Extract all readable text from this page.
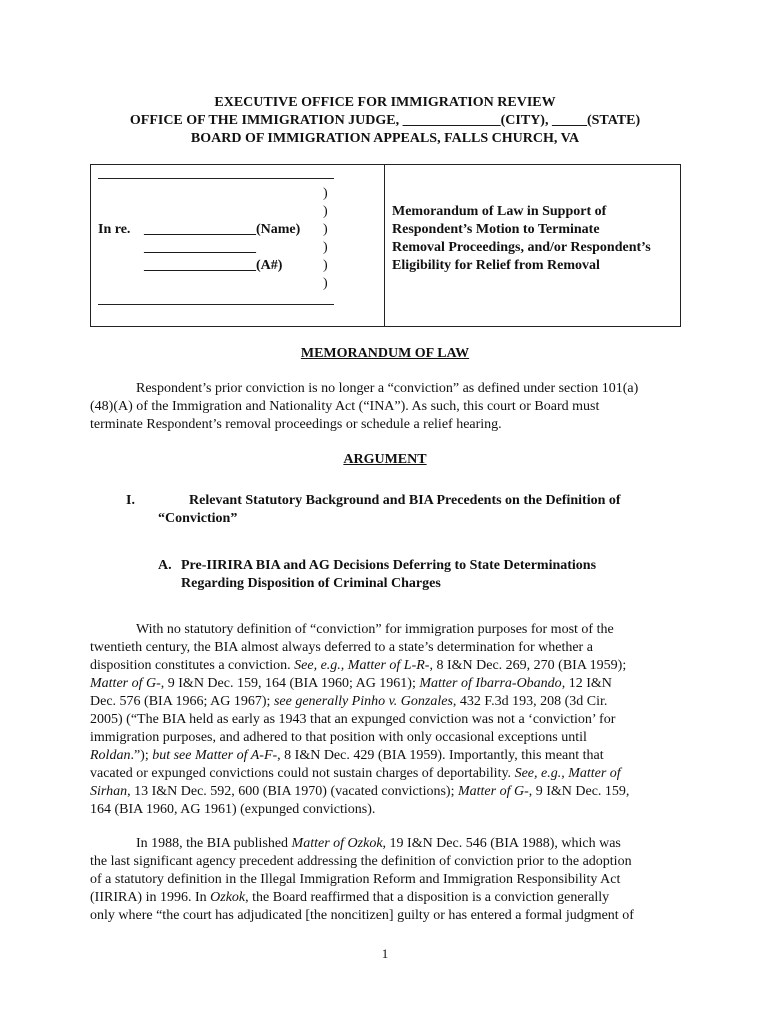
EXECUTIVE OFFICE FOR IMMIGRATION REVIEW
OFFICE OF THE IMMIGRATION JUDGE, ______________(CITY), _____(STATE)
BOARD OF IMMIGRATION APPEALS, FALLS CHURCH, VA
)
)
)
)
)
)
In re. ________________(Name)
________________
________________(A#)
Memorandum of Law in Support of
Respondent’s Motion to Terminate
Removal Proceedings, and/or Respondent’s
Eligibility for Relief from Removal
MEMORANDUM OF LAW
Respondent’s prior conviction is no longer a “conviction” as defined under section 101(a)
(48)(A) of the Immigration and Nationality Act (“INA”). As such, this court or Board must
terminate Respondent’s removal proceedings or schedule a relief hearing.
ARGUMENT
I.	Relevant Statutory Background and BIA Precedents on the Definition of
“Conviction”
A. Pre-IIRIRA BIA and AG Decisions Deferring to State Determinations
Regarding Disposition of Criminal Charges
With no statutory definition of “conviction” for immigration purposes for most of the
twentieth century, the BIA almost always deferred to a state’s determination for whether a
disposition constitutes a conviction. See, e.g., Matter of L-R-, 8 I&N Dec. 269, 270 (BIA 1959);
Matter of G-, 9 I&N Dec. 159, 164 (BIA 1960; AG 1961); Matter of Ibarra-Obando, 12 I&N
Dec. 576 (BIA 1966; AG 1967); see generally Pinho v. Gonzales, 432 F.3d 193, 208 (3d Cir.
2005) (“The BIA held as early as 1943 that an expunged conviction was not a ‘conviction’ for
immigration purposes, and adhered to that position with only occasional exceptions until
Roldan.”); but see Matter of A-F-, 8 I&N Dec. 429 (BIA 1959). Importantly, this meant that
vacated or expunged convictions could not sustain charges of deportability. See, e.g., Matter of
Sirhan, 13 I&N Dec. 592, 600 (BIA 1970) (vacated convictions); Matter of G-, 9 I&N Dec. 159,
164 (BIA 1960, AG 1961) (expunged convictions).
In 1988, the BIA published Matter of Ozkok, 19 I&N Dec. 546 (BIA 1988), which was
the last significant agency precedent addressing the definition of conviction prior to the adoption
of a statutory definition in the Illegal Immigration Reform and Immigration Responsibility Act
(IIRIRA) in 1996. In Ozkok, the Board reaffirmed that a disposition is a conviction generally
only where “the court has adjudicated [the noncitizen] guilty or has entered a formal judgment of
1
